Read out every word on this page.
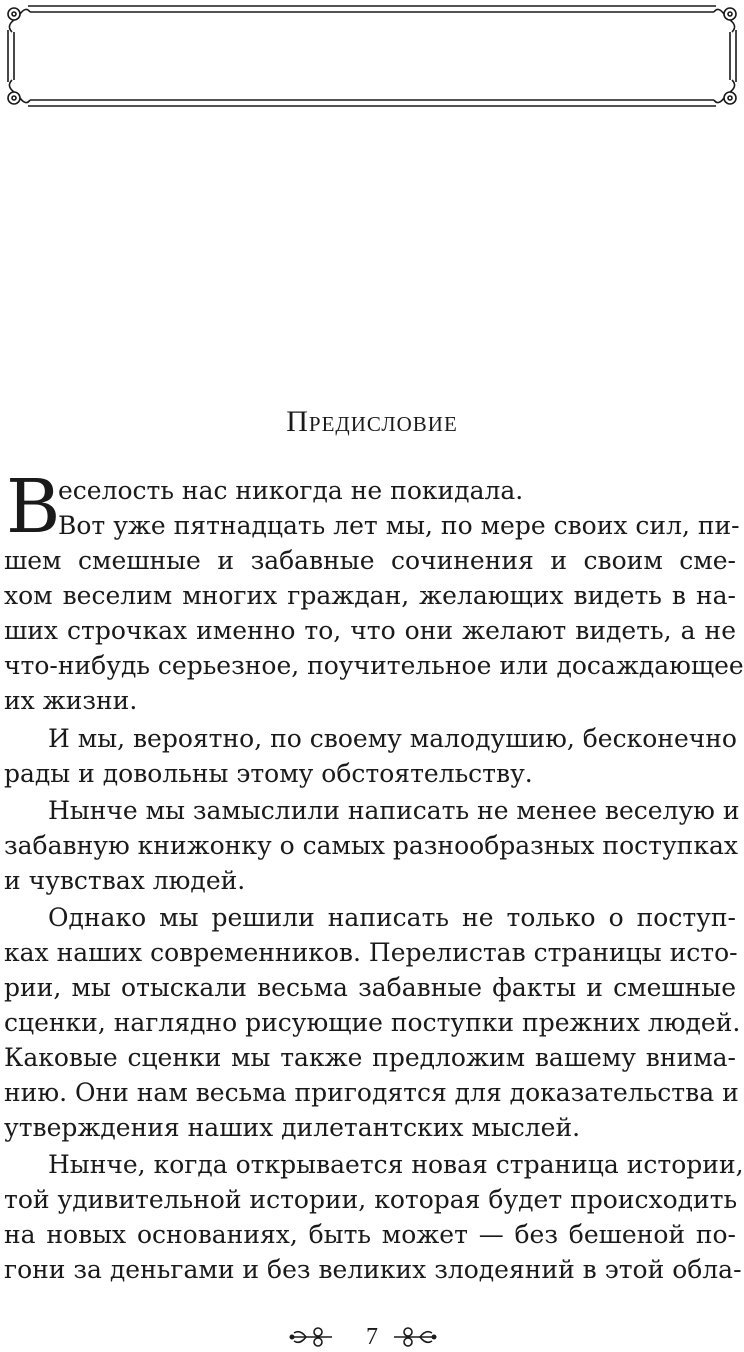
Предисловие
В
еселость нас никогда не покидала.
Вот уже пятнадцать лет мы, по мере своих сил, пи-
шем смешные и забавные сочинения и своим сме-
хом веселим многих граждан, желающих видеть в на-
ших строчках именно то, что они желают видеть, а не
что-нибудь серьезное, поучительное или досаждающее
их жизни.
И мы, вероятно, по своему малодушию, бесконечно
рады и довольны этому обстоятельству.
Нынче мы замыслили написать не менее веселую и
забавную книжонку о самых разнообразных поступках
и чувствах людей.
Однако мы решили написать не только о поступ-
ках наших современников. Перелистав страницы исто-
рии, мы отыскали весьма забавные факты и смешные
сценки, наглядно рисующие поступки прежних людей.
Каковые сценки мы также предложим вашему внима-
нию. Они нам весьма пригодятся для доказательства и
утверждения наших дилетантских мыслей.
Нынче, когда открывается новая страница истории,
той удивительной истории, которая будет происходить
на новых основаниях, быть может — без бешеной по-
гони за деньгами и без великих злодеяний в этой обла-
7
